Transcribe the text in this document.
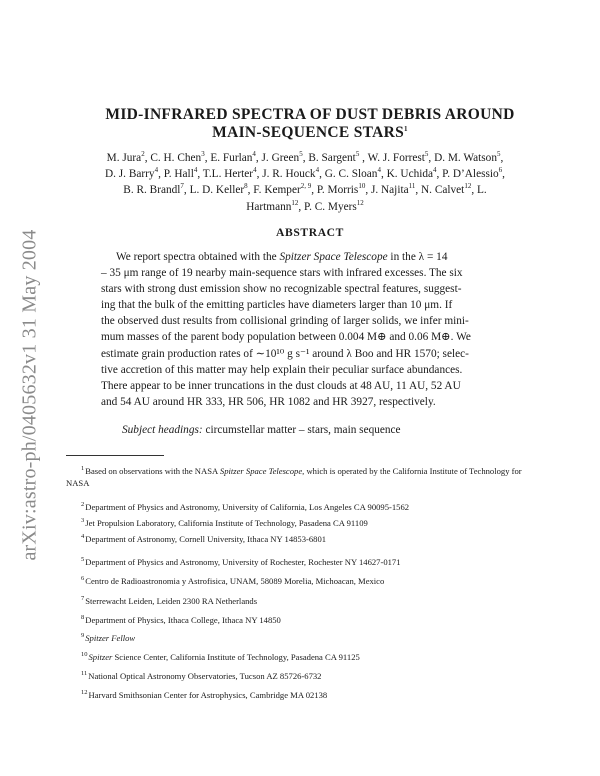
arXiv:astro-ph/0405632v1 31 May 2004
MID-INFRARED SPECTRA OF DUST DEBRIS AROUND
MAIN-SEQUENCE STARS$^1$
M. Jura$^2$, C. H. Chen$^3$, E. Furlan$^4$, J. Green$^5$, B. Sargent$^5$ , W. J. Forrest$^5$, D. M. Watson$^5$,
D. J. Barry$^4$, P. Hall$^4$, T.L. Herter$^4$, J. R. Houck$^4$, G. C. Sloan$^4$, K. Uchida$^4$, P. D’Alessio$^6$,
B. R. Brandl$^7$, L. D. Keller$^8$, F. Kemper$^{2, 9}$, P. Morris$^{10}$, J. Najita$^{11}$, N. Calvet$^{12}$, L.
Hartmann$^{12}$, P. C. Myers$^{12}$
ABSTRACT
We report spectra obtained with the Spitzer Space Telescope in the λ = 14
– 35 μm range of 19 nearby main-sequence stars with infrared excesses. The six
stars with strong dust emission show no recognizable spectral features, suggest-
ing that the bulk of the emitting particles have diameters larger than 10 μm. If
the observed dust results from collisional grinding of larger solids, we infer mini-
mum masses of the parent body population between 0.004 M⊕ and 0.06 M⊕. We
estimate grain production rates of ∼10¹⁰ g s⁻¹ around λ Boo and HR 1570; selec-
tive accretion of this matter may help explain their peculiar surface abundances.
There appear to be inner truncations in the dust clouds at 48 AU, 11 AU, 52 AU
and 54 AU around HR 333, HR 506, HR 1082 and HR 3927, respectively.
Subject headings: circumstellar matter – stars, main sequence
$^1$Based on observations with the NASA Spitzer Space Telescope, which is operated by the California Institute of Technology for NASA
$^2$Department of Physics and Astronomy, University of California, Los Angeles CA 90095-1562
$^3$Jet Propulsion Laboratory, California Institute of Technology, Pasadena CA 91109
$^4$Department of Astronomy, Cornell University, Ithaca NY 14853-6801
$^5$Department of Physics and Astronomy, University of Rochester, Rochester NY 14627-0171
$^6$Centro de Radioastronomia y Astrofisica, UNAM, 58089 Morelia, Michoacan, Mexico
$^7$Sterrewacht Leiden, Leiden 2300 RA Netherlands
$^8$Department of Physics, Ithaca College, Ithaca NY 14850
$^9$Spitzer Fellow
$^{10}$Spitzer Science Center, California Institute of Technology, Pasadena CA 91125
$^{11}$National Optical Astronomy Observatories, Tucson AZ 85726-6732
$^{12}$Harvard Smithsonian Center for Astrophysics, Cambridge MA 02138
